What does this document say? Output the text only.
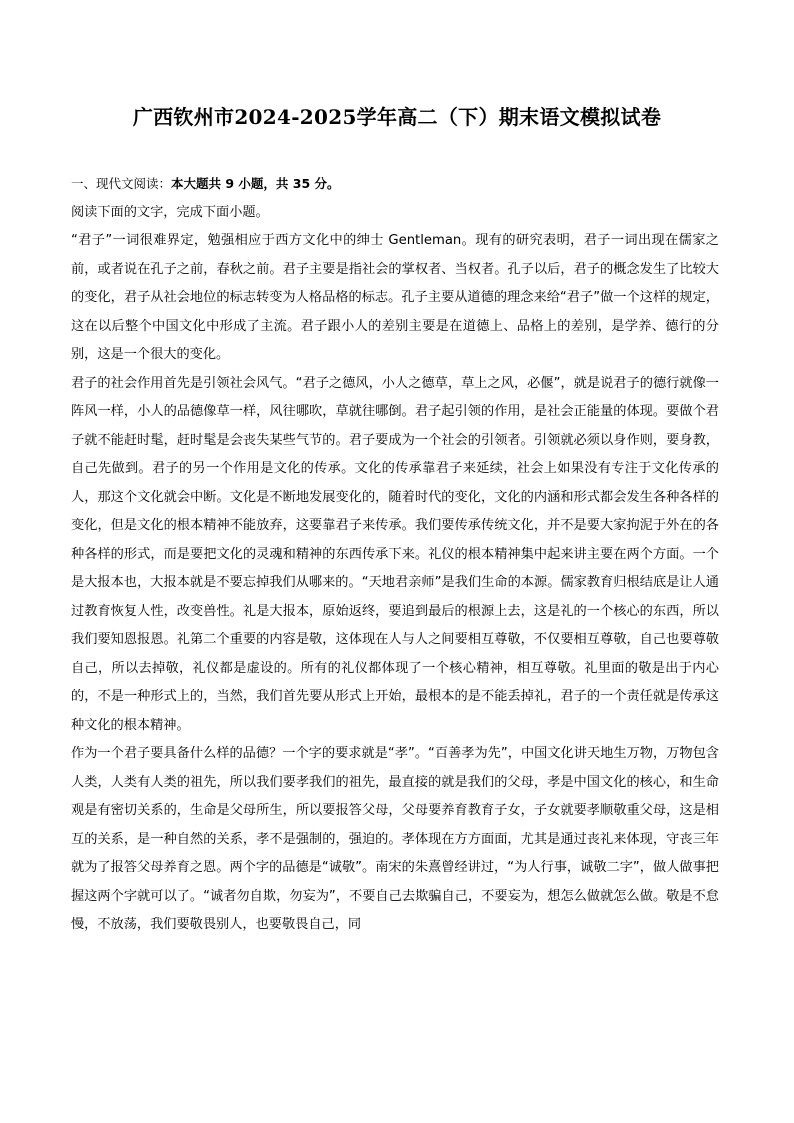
广西钦州市2024-2025学年高二（下）期末语文模拟试卷

一、现代文阅读：本大题共 9 小题，共 35 分。

阅读下面的文字，完成下面小题。

“君子”一词很难界定，勉强相应于西方文化中的绅士 Gentleman。现有的研究表明，君子一词出现在儒家之前，或者说在孔子之前，春秋之前。君子主要是指社会的掌权者、当权者。孔子以后，君子的概念发生了比较大的变化，君子从社会地位的标志转变为人格品格的标志。孔子主要从道德的理念来给“君子”做一个这样的规定，这在以后整个中国文化中形成了主流。君子跟小人的差别主要是在道德上、品格上的差别，是学养、德行的分别，这是一个很大的变化。

君子的社会作用首先是引领社会风气。“君子之德风，小人之德草，草上之风，必偃”，就是说君子的德行就像一阵风一样，小人的品德像草一样，风往哪吹，草就往哪倒。君子起引领的作用，是社会正能量的体现。要做个君子就不能赶时髦，赶时髦是会丧失某些气节的。君子要成为一个社会的引领者。引领就必须以身作则，要身教，自己先做到。君子的另一个作用是文化的传承。文化的传承靠君子来延续，社会上如果没有专注于文化传承的人，那这个文化就会中断。文化是不断地发展变化的，随着时代的变化，文化的内涵和形式都会发生各种各样的变化，但是文化的根本精神不能放弃，这要靠君子来传承。我们要传承传统文化，并不是要大家拘泥于外在的各种各样的形式，而是要把文化的灵魂和精神的东西传承下来。礼仪的根本精神集中起来讲主要在两个方面。一个是大报本也，大报本就是不要忘掉我们从哪来的。“天地君亲师”是我们生命的本源。儒家教育归根结底是让人通过教育恢复人性，改变兽性。礼是大报本，原始返终，要追到最后的根源上去，这是礼的一个核心的东西，所以我们要知恩报恩。礼第二个重要的内容是敬，这体现在人与人之间要相互尊敬，不仅要相互尊敬，自己也要尊敬自己，所以去掉敬，礼仪都是虚设的。所有的礼仪都体现了一个核心精神，相互尊敬。礼里面的敬是出于内心的，不是一种形式上的，当然，我们首先要从形式上开始，最根本的是不能丢掉礼，君子的一个责任就是传承这种文化的根本精神。

作为一个君子要具备什么样的品德？一个字的要求就是“孝”。“百善孝为先”，中国文化讲天地生万物，万物包含人类，人类有人类的祖先，所以我们要孝我们的祖先，最直接的就是我们的父母，孝是中国文化的核心，和生命观是有密切关系的，生命是父母所生，所以要报答父母，父母要养育教育子女，子女就要孝顺敬重父母，这是相互的关系，是一种自然的关系，孝不是强制的，强迫的。孝体现在方方面面，尤其是通过丧礼来体现，守丧三年就为了报答父母养育之恩。两个字的品德是“诚敬”。南宋的朱熹曾经讲过，“为人行事，诚敬二字”，做人做事把握这两个字就可以了。“诚者勿自欺，勿妄为”，不要自己去欺骗自己，不要妄为，想怎么做就怎么做。敬是不怠慢，不放荡，我们要敬畏别人，也要敬畏自己，同
